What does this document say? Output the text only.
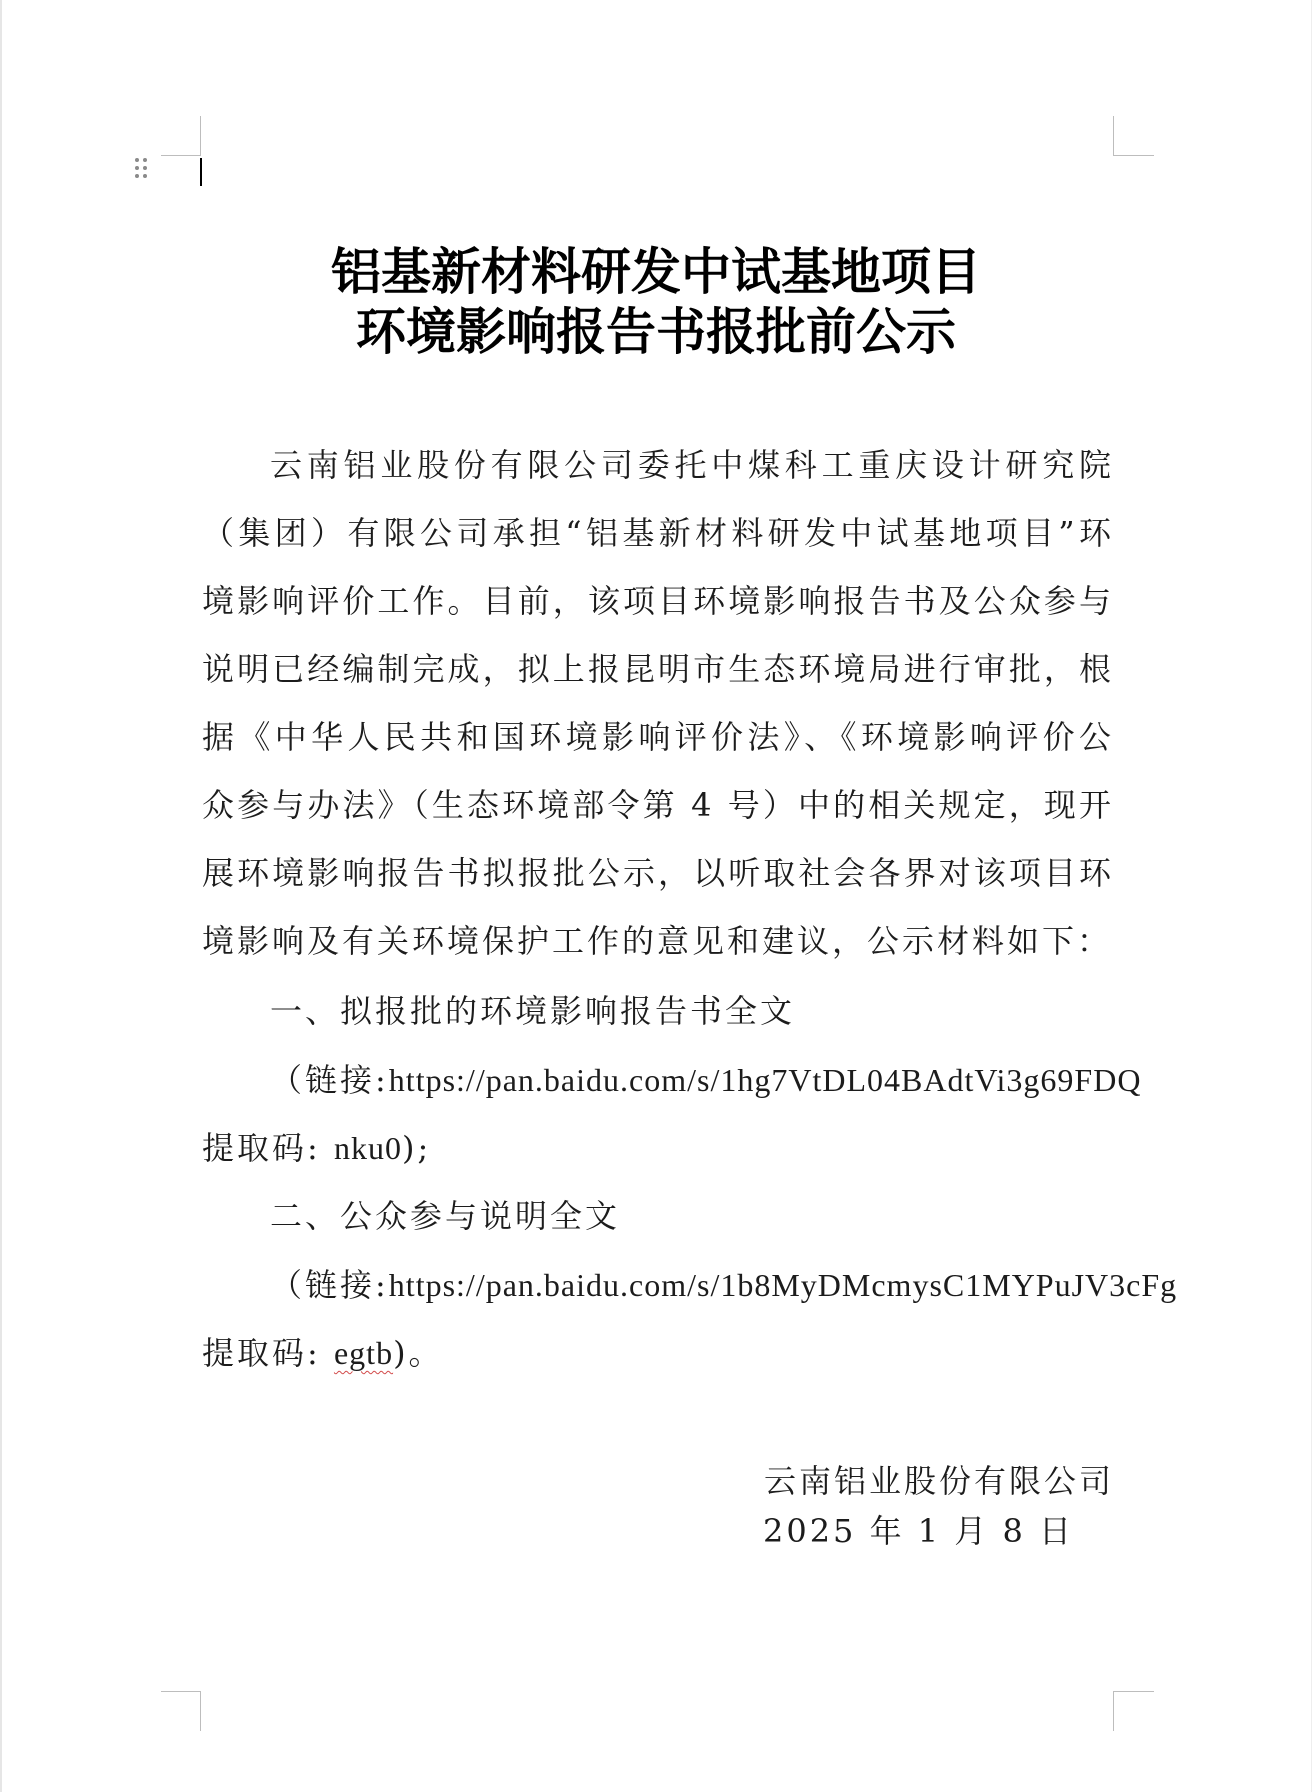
铝基新材料研发中试基地项目
环境影响报告书报批前公示

云南铝业股份有限公司委托中煤科工重庆设计研究院（集团）有限公司承担“铝基新材料研发中试基地项目”环境影响评价工作。目前，该项目环境影响报告书及公众参与说明已经编制完成，拟上报昆明市生态环境局进行审批，根据《中华人民共和国环境影响评价法》、《环境影响评价公众参与办法》（生态环境部令第 4 号）中的相关规定，现开展环境影响报告书拟报批公示，以听取社会各界对该项目环境影响及有关环境保护工作的意见和建议，公示材料如下：

一、拟报批的环境影响报告书全文

（链接:https://pan.baidu.com/s/1hg7VtDL04BAdtVi3g69FDQ

提取码: nku0);

二、公众参与说明全文

（链接:https://pan.baidu.com/s/1b8MyDMcmysC1MYPuJV3cFg

提取码: egtb)。

云南铝业股份有限公司

2025 年 1 月 8 日
